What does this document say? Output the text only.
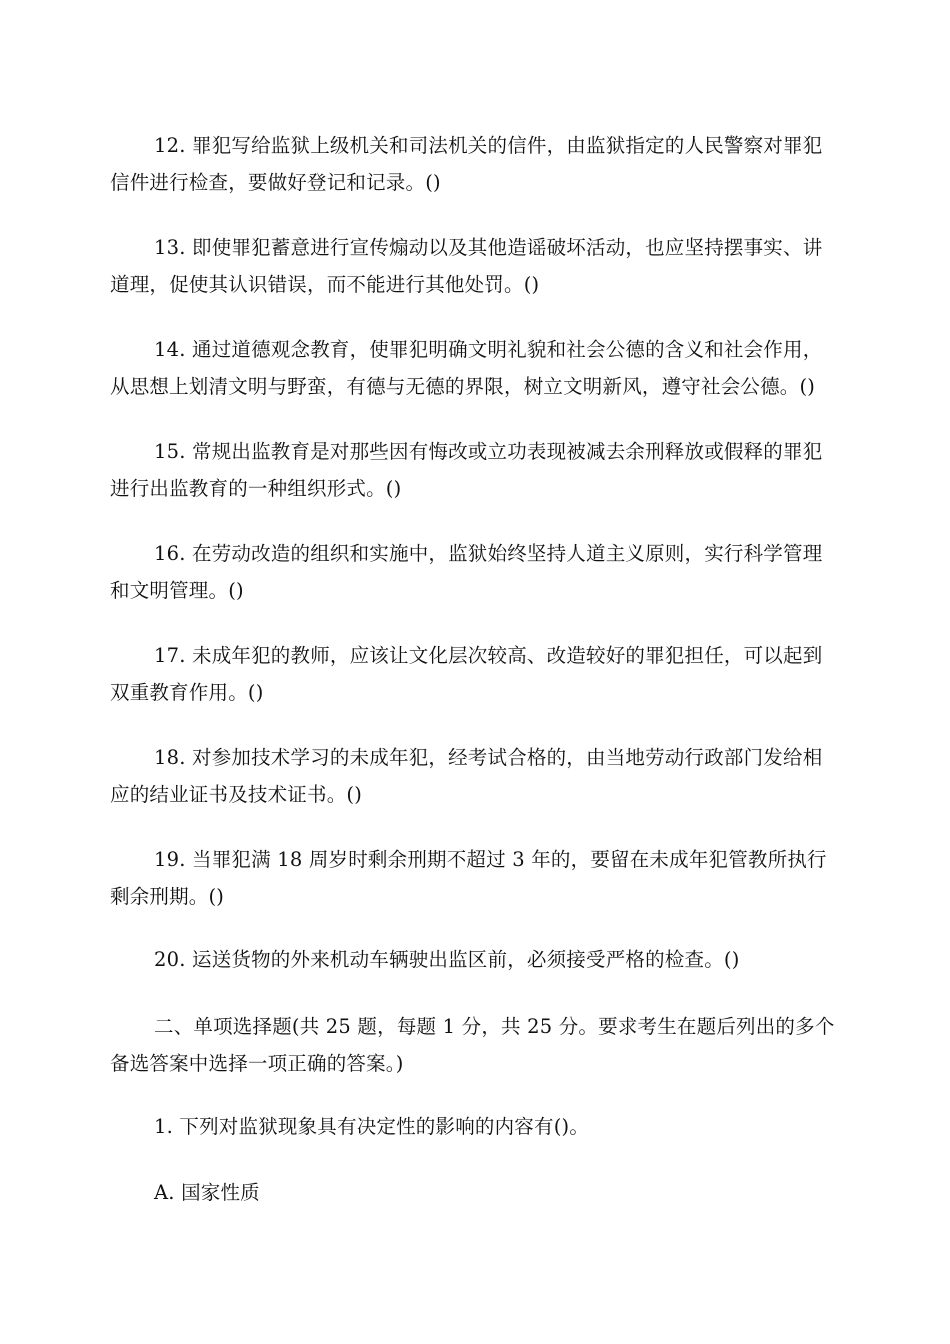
12. 罪犯写给监狱上级机关和司法机关的信件，由监狱指定的人民警察对罪犯信件进行检查，要做好登记和记录。()

13. 即使罪犯蓄意进行宣传煽动以及其他造谣破坏活动，也应坚持摆事实、讲道理，促使其认识错误，而不能进行其他处罚。()

14. 通过道德观念教育，使罪犯明确文明礼貌和社会公德的含义和社会作用，从思想上划清文明与野蛮，有德与无德的界限，树立文明新风，遵守社会公德。()

15. 常规出监教育是对那些因有悔改或立功表现被减去余刑释放或假释的罪犯进行出监教育的一种组织形式。()

16. 在劳动改造的组织和实施中，监狱始终坚持人道主义原则，实行科学管理和文明管理。()

17. 未成年犯的教师，应该让文化层次较高、改造较好的罪犯担任，可以起到双重教育作用。()

18. 对参加技术学习的未成年犯，经考试合格的，由当地劳动行政部门发给相应的结业证书及技术证书。()

19. 当罪犯满 18 周岁时剩余刑期不超过 3 年的，要留在未成年犯管教所执行剩余刑期。()

20. 运送货物的外来机动车辆驶出监区前，必须接受严格的检查。()

二、单项选择题(共 25 题，每题 1 分，共 25 分。要求考生在题后列出的多个备选答案中选择一项正确的答案。)

1. 下列对监狱现象具有决定性的影响的内容有()。

A. 国家性质
